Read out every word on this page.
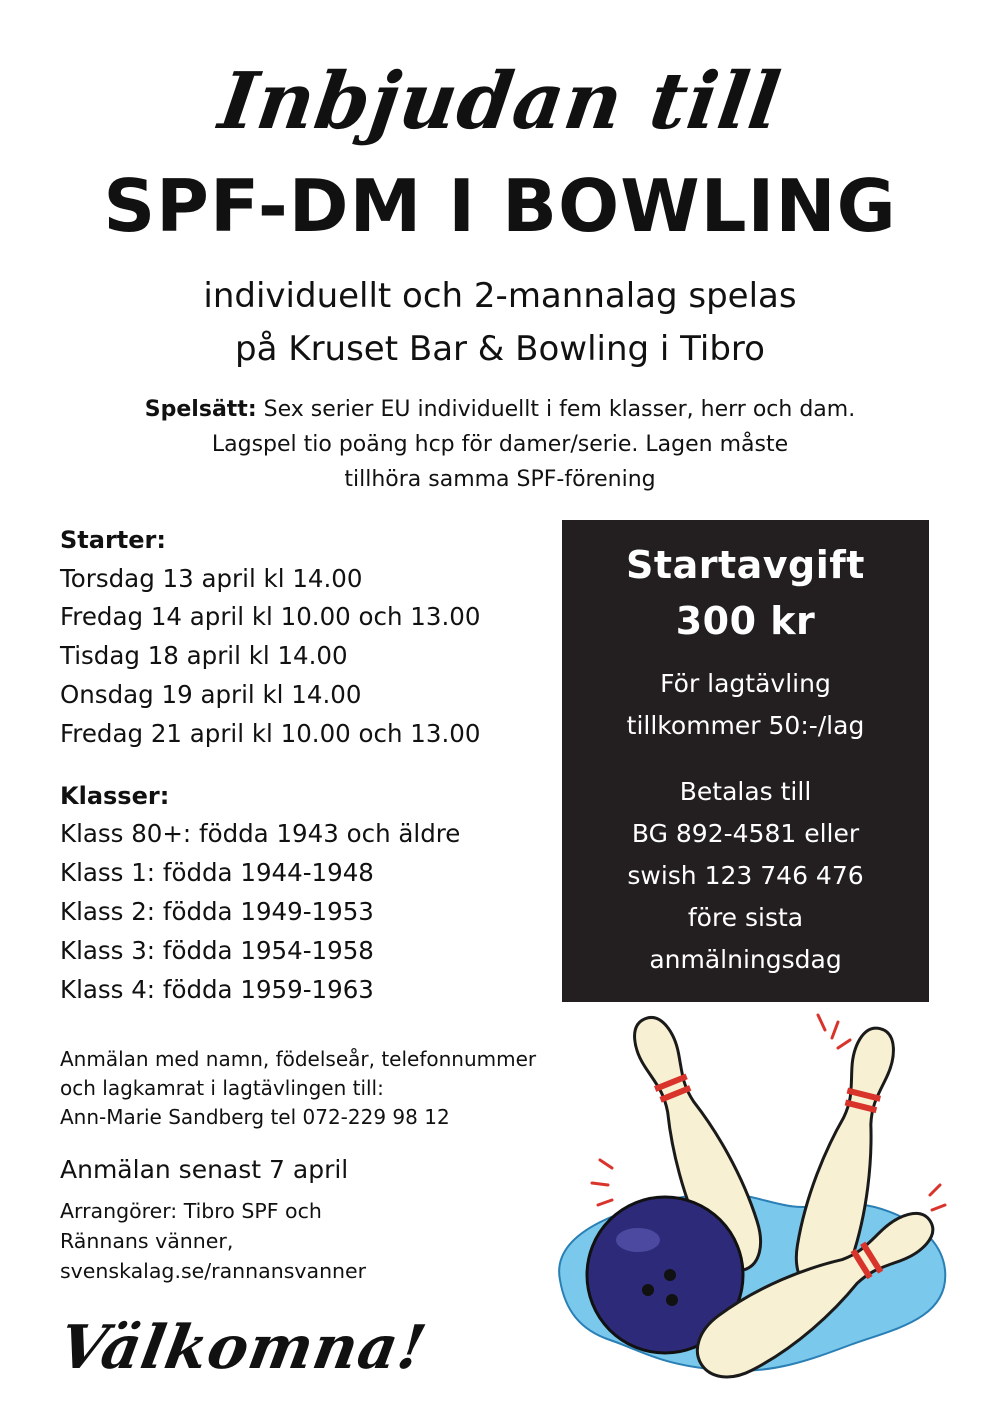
Inbjudan till
SPF-DM I BOWLING
individuellt och 2-mannalag spelas
på Kruset Bar & Bowling i Tibro
Spelsätt: Sex serier EU individuellt i fem klasser, herr och dam.
Lagspel tio poäng hcp för damer/serie. Lagen måste
tillhöra samma SPF-förening
Starter:
Torsdag 13 april kl 14.00
Fredag 14 april kl 10.00 och 13.00
Tisdag 18 april kl 14.00
Onsdag 19 april kl 14.00
Fredag 21 april kl 10.00 och 13.00
Klasser:
Klass 80+: födda 1943 och äldre
Klass 1: födda 1944-1948
Klass 2: födda 1949-1953
Klass 3: födda 1954-1958
Klass 4: födda 1959-1963
Startavgift
300 kr
För lagtävling
tillkommer 50:-/lag
Betalas till
BG 892-4581 eller
swish 123 746 476
före sista
anmälningsdag
Anmälan med namn, födelseår, telefonnummer
och lagkamrat i lagtävlingen till:
Ann-Marie Sandberg tel 072-229 98 12
Anmälan senast 7 april
Arrangörer: Tibro SPF och
Rännans vänner,
svenskalag.se/rannansvanner
Välkomna!
